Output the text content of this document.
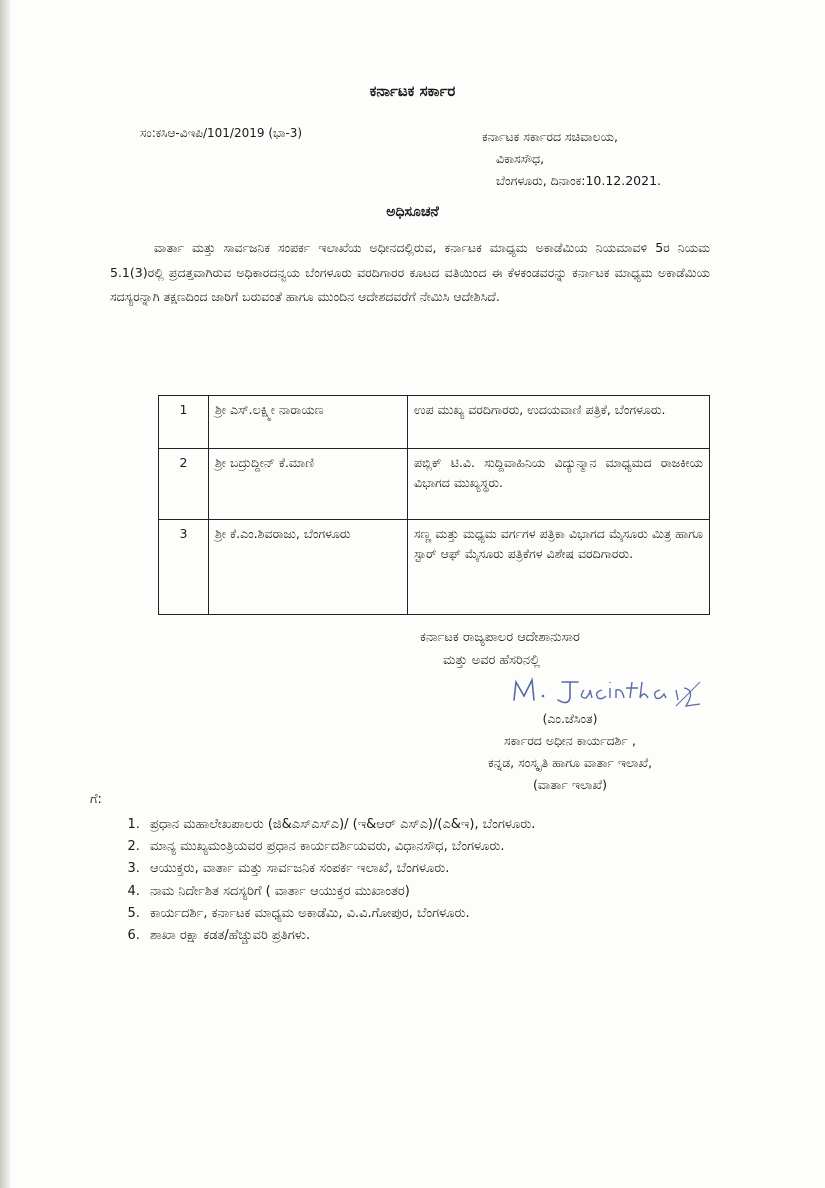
ಕರ್ನಾಟಕ ಸರ್ಕಾರ
ಸಂ:ಕಸಿಆ-ವಿಇಪಿ/101/2019 (ಭಾ-3)	ಕರ್ನಾಟಕ ಸರ್ಕಾರದ ಸಚಿವಾಲಯ,
ವಿಕಾಸಸೌಧ,
ಬೆಂಗಳೂರು, ದಿನಾಂಕ:10.12.2021.
ಅಧಿಸೂಚನೆ
ವಾರ್ತಾ ಮತ್ತು ಸಾರ್ವಜನಿಕ ಸಂಪರ್ಕ ಇಲಾಖೆಯ ಅಧೀನದಲ್ಲಿರುವ, ಕರ್ನಾಟಕ ಮಾಧ್ಯಮ ಅಕಾಡೆಮಿಯ ನಿಯಮಾವಳಿ 5ರ ನಿಯಮ 5.1(3)ರಲ್ಲಿ ಪ್ರದತ್ತವಾಗಿರುವ ಅಧಿಕಾರದನ್ವಯ ಬೆಂಗಳೂರು ವರದಿಗಾರರ ಕೂಟದ ವತಿಯಿಂದ ಈ ಕೆಳಕಂಡವರನ್ನು ಕರ್ನಾಟಕ ಮಾಧ್ಯಮ ಅಕಾಡೆಮಿಯ ಸದಸ್ಯರನ್ನಾಗಿ ತಕ್ಷಣದಿಂದ ಜಾರಿಗೆ ಬರುವಂತೆ ಹಾಗೂ ಮುಂದಿನ ಆದೇಶದವರೆಗೆ ನೇಮಿಸಿ ಆದೇಶಿಸಿದೆ.
1	ಶ್ರೀ ಎಸ್.ಲಕ್ಷ್ಮೀ ನಾರಾಯಣ	ಉಪ ಮುಖ್ಯ ವರದಿಗಾರರು, ಉದಯವಾಣಿ ಪತ್ರಿಕೆ, ಬೆಂಗಳೂರು.
2	ಶ್ರೀ ಬದ್ರುದ್ದೀನ್ ಕೆ.ಮಾಣಿ	ಪಬ್ಲಿಕ್ ಟಿ.ವಿ. ಸುದ್ದಿವಾಹಿನಿಯ ವಿದ್ಯುನ್ಮಾನ ಮಾಧ್ಯಮದ ರಾಜಕೀಯ ವಿಭಾಗದ ಮುಖ್ಯಸ್ಥರು.
3	ಶ್ರೀ ಕೆ.ಎಂ.ಶಿವರಾಜು, ಬೆಂಗಳೂರು	ಸಣ್ಣ ಮತ್ತು ಮಧ್ಯಮ ವರ್ಗಗಳ ಪತ್ರಿಕಾ ವಿಭಾಗದ ಮೈಸೂರು ಮಿತ್ರ ಹಾಗೂ ಸ್ಟಾರ್ ಆಫ್ ಮೈಸೂರು ಪತ್ರಿಕೆಗಳ ವಿಶೇಷ ವರದಿಗಾರರು.
ಕರ್ನಾಟಕ ರಾಜ್ಯಪಾಲರ ಆದೇಶಾನುಸಾರ
ಮತ್ತು ಅವರ ಹೆಸರಿನಲ್ಲಿ
M. Jacintha 10/12	(ಎಂ.ಜೆಸಿಂತ)
ಸರ್ಕಾರದ ಅಧೀನ ಕಾರ್ಯದರ್ಶಿ ,
ಕನ್ನಡ, ಸಂಸ್ಕೃತಿ ಹಾಗೂ ವಾರ್ತಾ ಇಲಾಖೆ,
(ವಾರ್ತಾ ಇಲಾಖೆ)
ಗೆ:
1. ಪ್ರಧಾನ ಮಹಾಲೇಖಪಾಲರು (ಜಿ&ಎಸ್ಎಸ್ಎ)/ (ಇ&ಆರ್ ಎಸ್ಎ)/(ಎ&ಇ), ಬೆಂಗಳೂರು.
2. ಮಾನ್ಯ ಮುಖ್ಯಮಂತ್ರಿಯವರ ಪ್ರಧಾನ ಕಾರ್ಯದರ್ಶಿಯವರು, ವಿಧಾನಸೌಧ, ಬೆಂಗಳೂರು.
3. ಆಯುಕ್ತರು, ವಾರ್ತಾ ಮತ್ತು ಸಾರ್ವಜನಿಕ ಸಂಪರ್ಕ ಇಲಾಖೆ, ಬೆಂಗಳೂರು.
4. ನಾಮ ನಿರ್ದೇಶಿತ ಸದಸ್ಯರಿಗೆ ( ವಾರ್ತಾ ಆಯುಕ್ತರ ಮುಖಾಂತರ)
5. ಕಾರ್ಯದರ್ಶಿ, ಕರ್ನಾಟಕ ಮಾಧ್ಯಮ ಅಕಾಡೆಮಿ, ವಿ.ವಿ.ಗೋಪುರ, ಬೆಂಗಳೂರು.
6. ಶಾಖಾ ರಕ್ಷಾ ಕಡತ/ಹೆಚ್ಚುವರಿ ಪ್ರತಿಗಳು.
